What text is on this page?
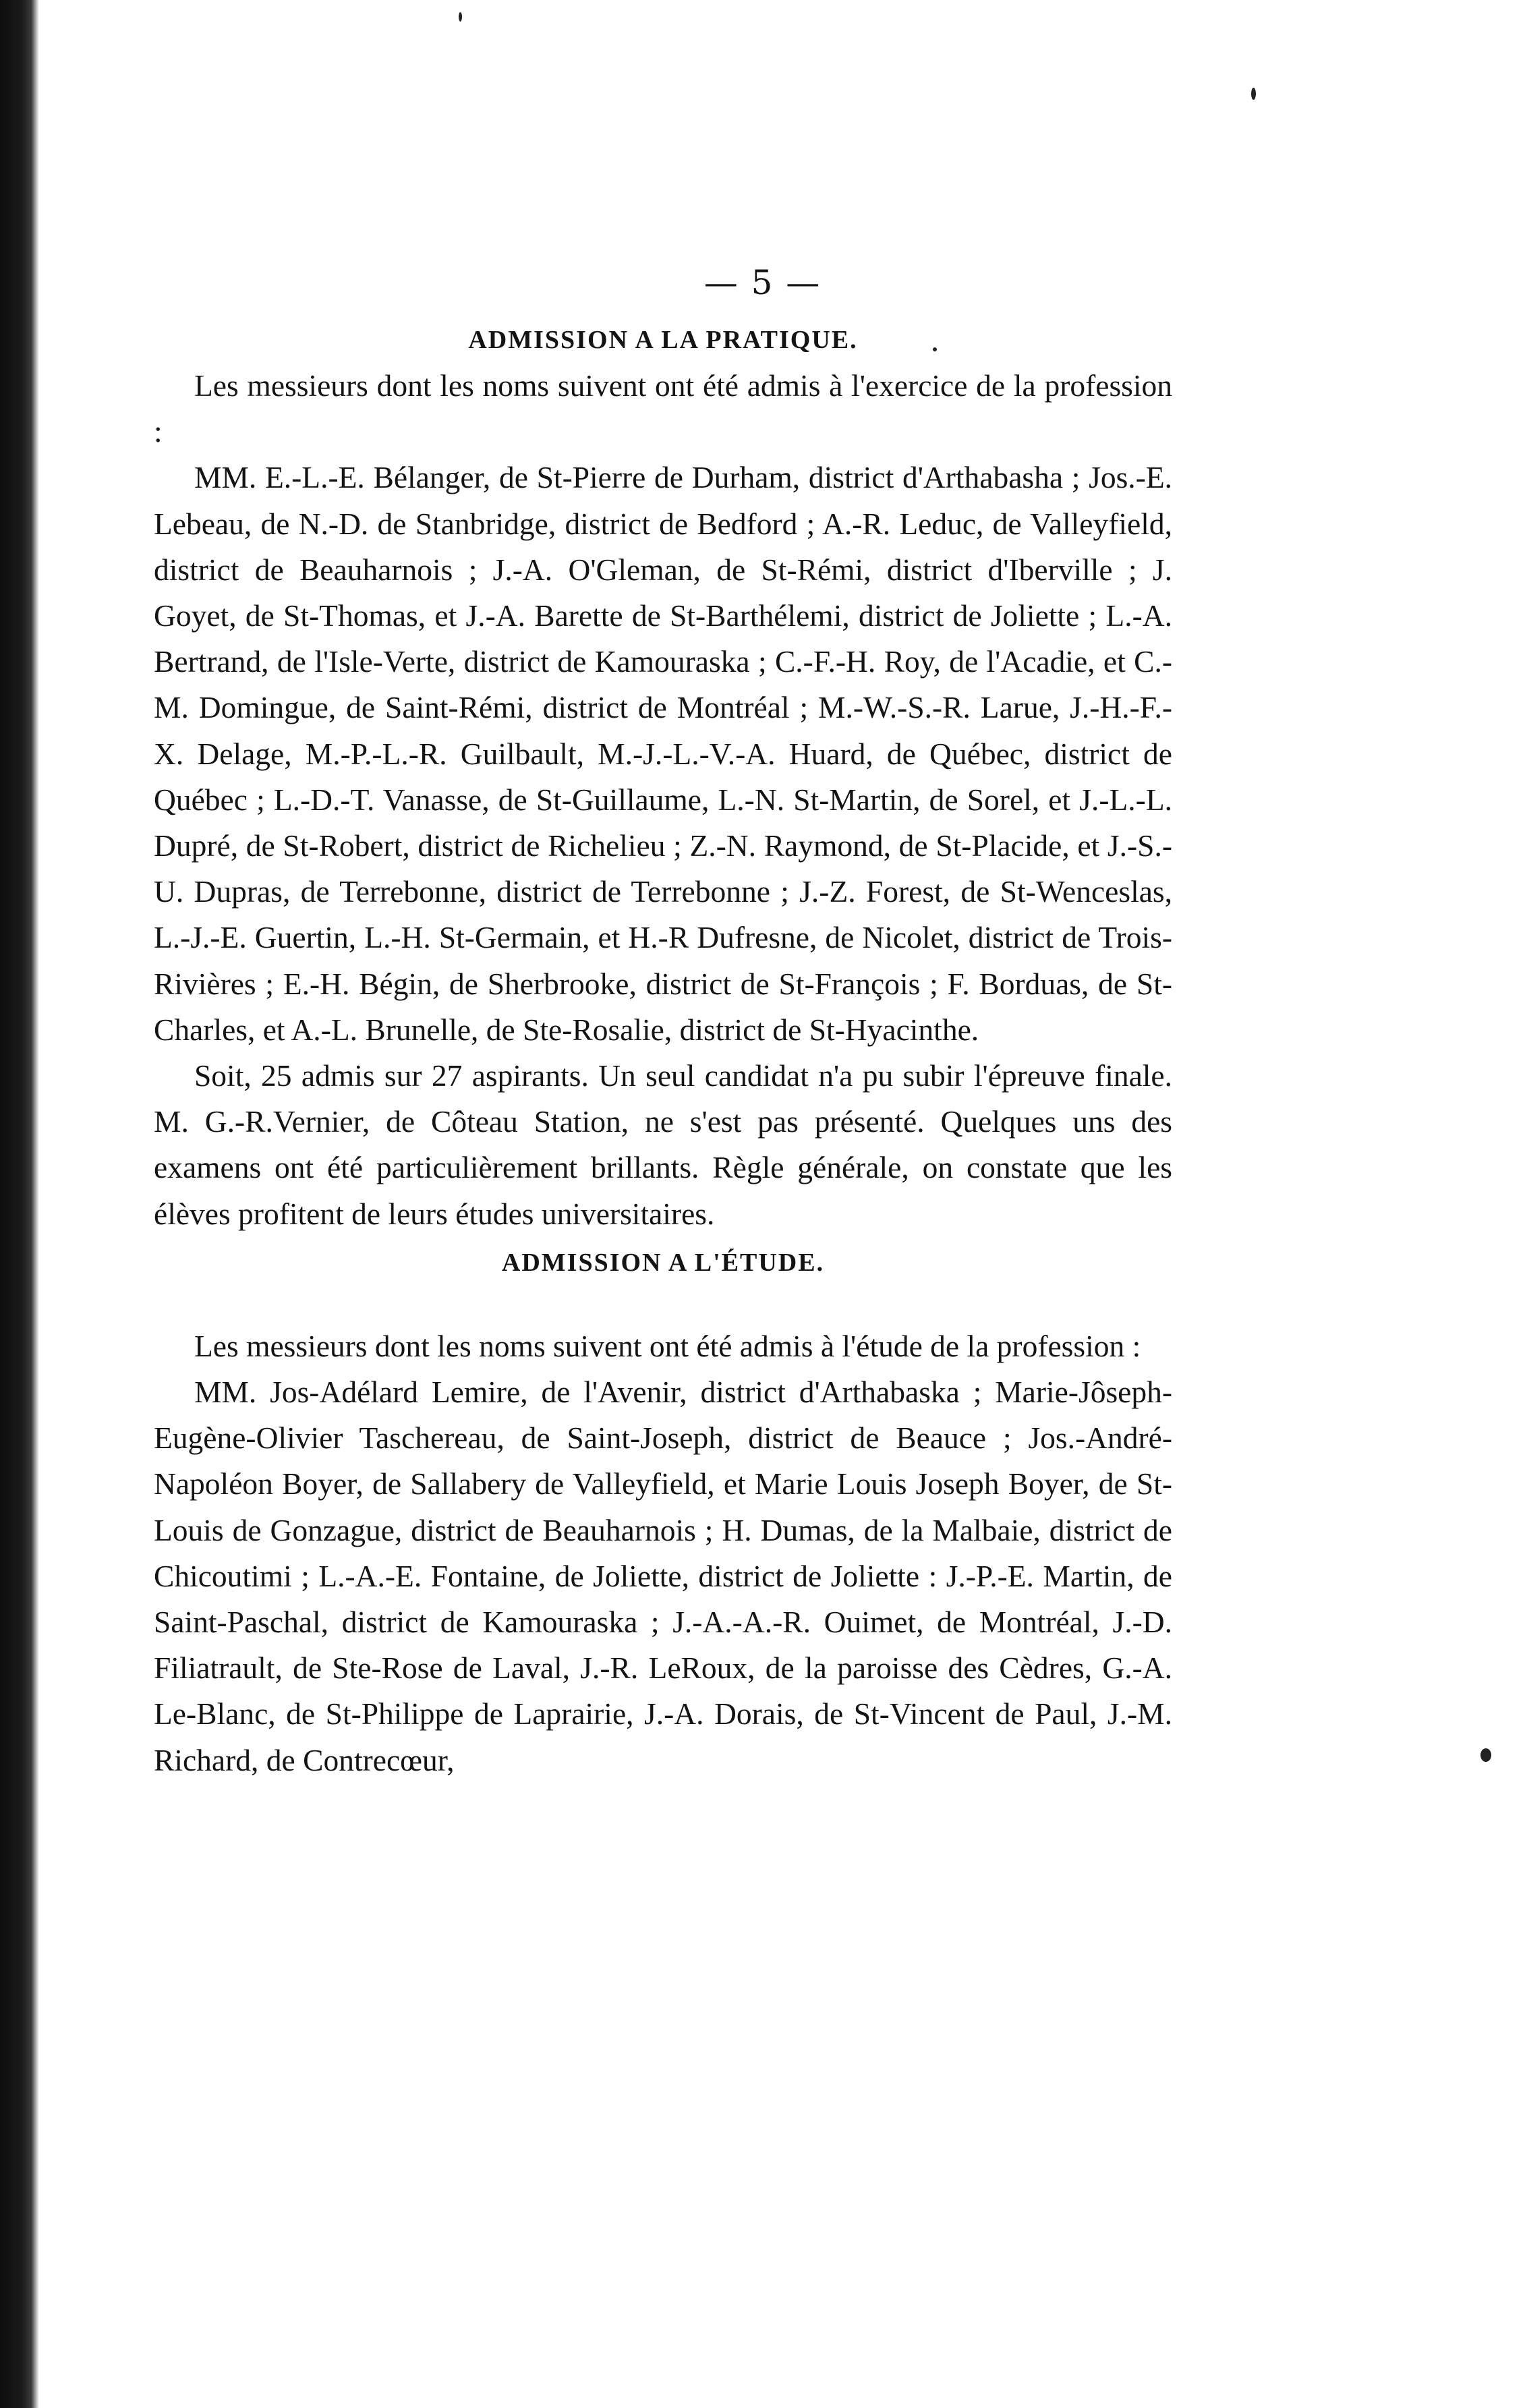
— 5 —
ADMISSION A LA PRATIQUE.

Les messieurs dont les noms suivent ont été admis à l'exercice de la profession :

MM. E.-L.-E. Bélanger, de St-Pierre de Durham, district d'Arthabasha ; Jos.-E. Lebeau, de N.-D. de Stanbridge, district de Bedford ; A.-R. Leduc, de Valleyfield, district de Beauharnois ; J.-A. O'Gleman, de St-Rémi, district d'Iberville ; J. Goyet, de St-Thomas, et J.-A. Barette de St-Barthélemi, district de Joliette ; L.-A. Bertrand, de l'Isle-Verte, district de Kamouraska ; C.-F.-H. Roy, de l'Acadie, et C.-M. Domingue, de Saint-Rémi, district de Montréal ; M.-W.-S.-R. Larue, J.-H.-F.-X. Delage, M.-P.-L.-R. Guilbault, M.-J.-L.-V.-A. Huard, de Québec, district de Québec ; L.-D.-T. Vanasse, de St-Guillaume, L.-N. St-Martin, de Sorel, et J.-L.-L. Dupré, de St-Robert, district de Richelieu ; Z.-N. Raymond, de St-Placide, et J.-S.-U. Dupras, de Terrebonne, district de Terrebonne ; J.-Z. Forest, de St-Wenceslas, L.-J.-E. Guertin, L.-H. St-Germain, et H.-R Dufresne, de Nicolet, district de Trois-Rivières ; E.-H. Bégin, de Sherbrooke, district de St-François ; F. Borduas, de St-Charles, et A.-L. Brunelle, de Ste-Rosalie, district de St-Hyacinthe.

Soit, 25 admis sur 27 aspirants. Un seul candidat n'a pu subir l'épreuve finale. M. G.-R.Vernier, de Côteau Station, ne s'est pas présenté. Quelques uns des examens ont été particulièrement brillants. Règle générale, on constate que les élèves profitent de leurs études universitaires.

ADMISSION A L'ÉTUDE.

Les messieurs dont les noms suivent ont été admis à l'étude de la profession :

MM. Jos-Adélard Lemire, de l'Avenir, district d'Arthabaska ; Marie-Jôseph-Eugène-Olivier Taschereau, de Saint-Joseph, district de Beauce ; Jos.-André-Napoléon Boyer, de Sallabery de Valleyfield, et Marie Louis Joseph Boyer, de St-Louis de Gonzague, district de Beauharnois ; H. Dumas, de la Malbaie, district de Chicoutimi ; L.-A.-E. Fontaine, de Joliette, district de Joliette : J.-P.-E. Martin, de Saint-Paschal, district de Kamouraska ; J.-A.-A.-R. Ouimet, de Montréal, J.-D. Filiatrault, de Ste-Rose de Laval, J.-R. LeRoux, de la paroisse des Cèdres, G.-A. Le-Blanc, de St-Philippe de Laprairie, J.-A. Dorais, de St-Vincent de Paul, J.-M. Richard, de Contrecœur,
